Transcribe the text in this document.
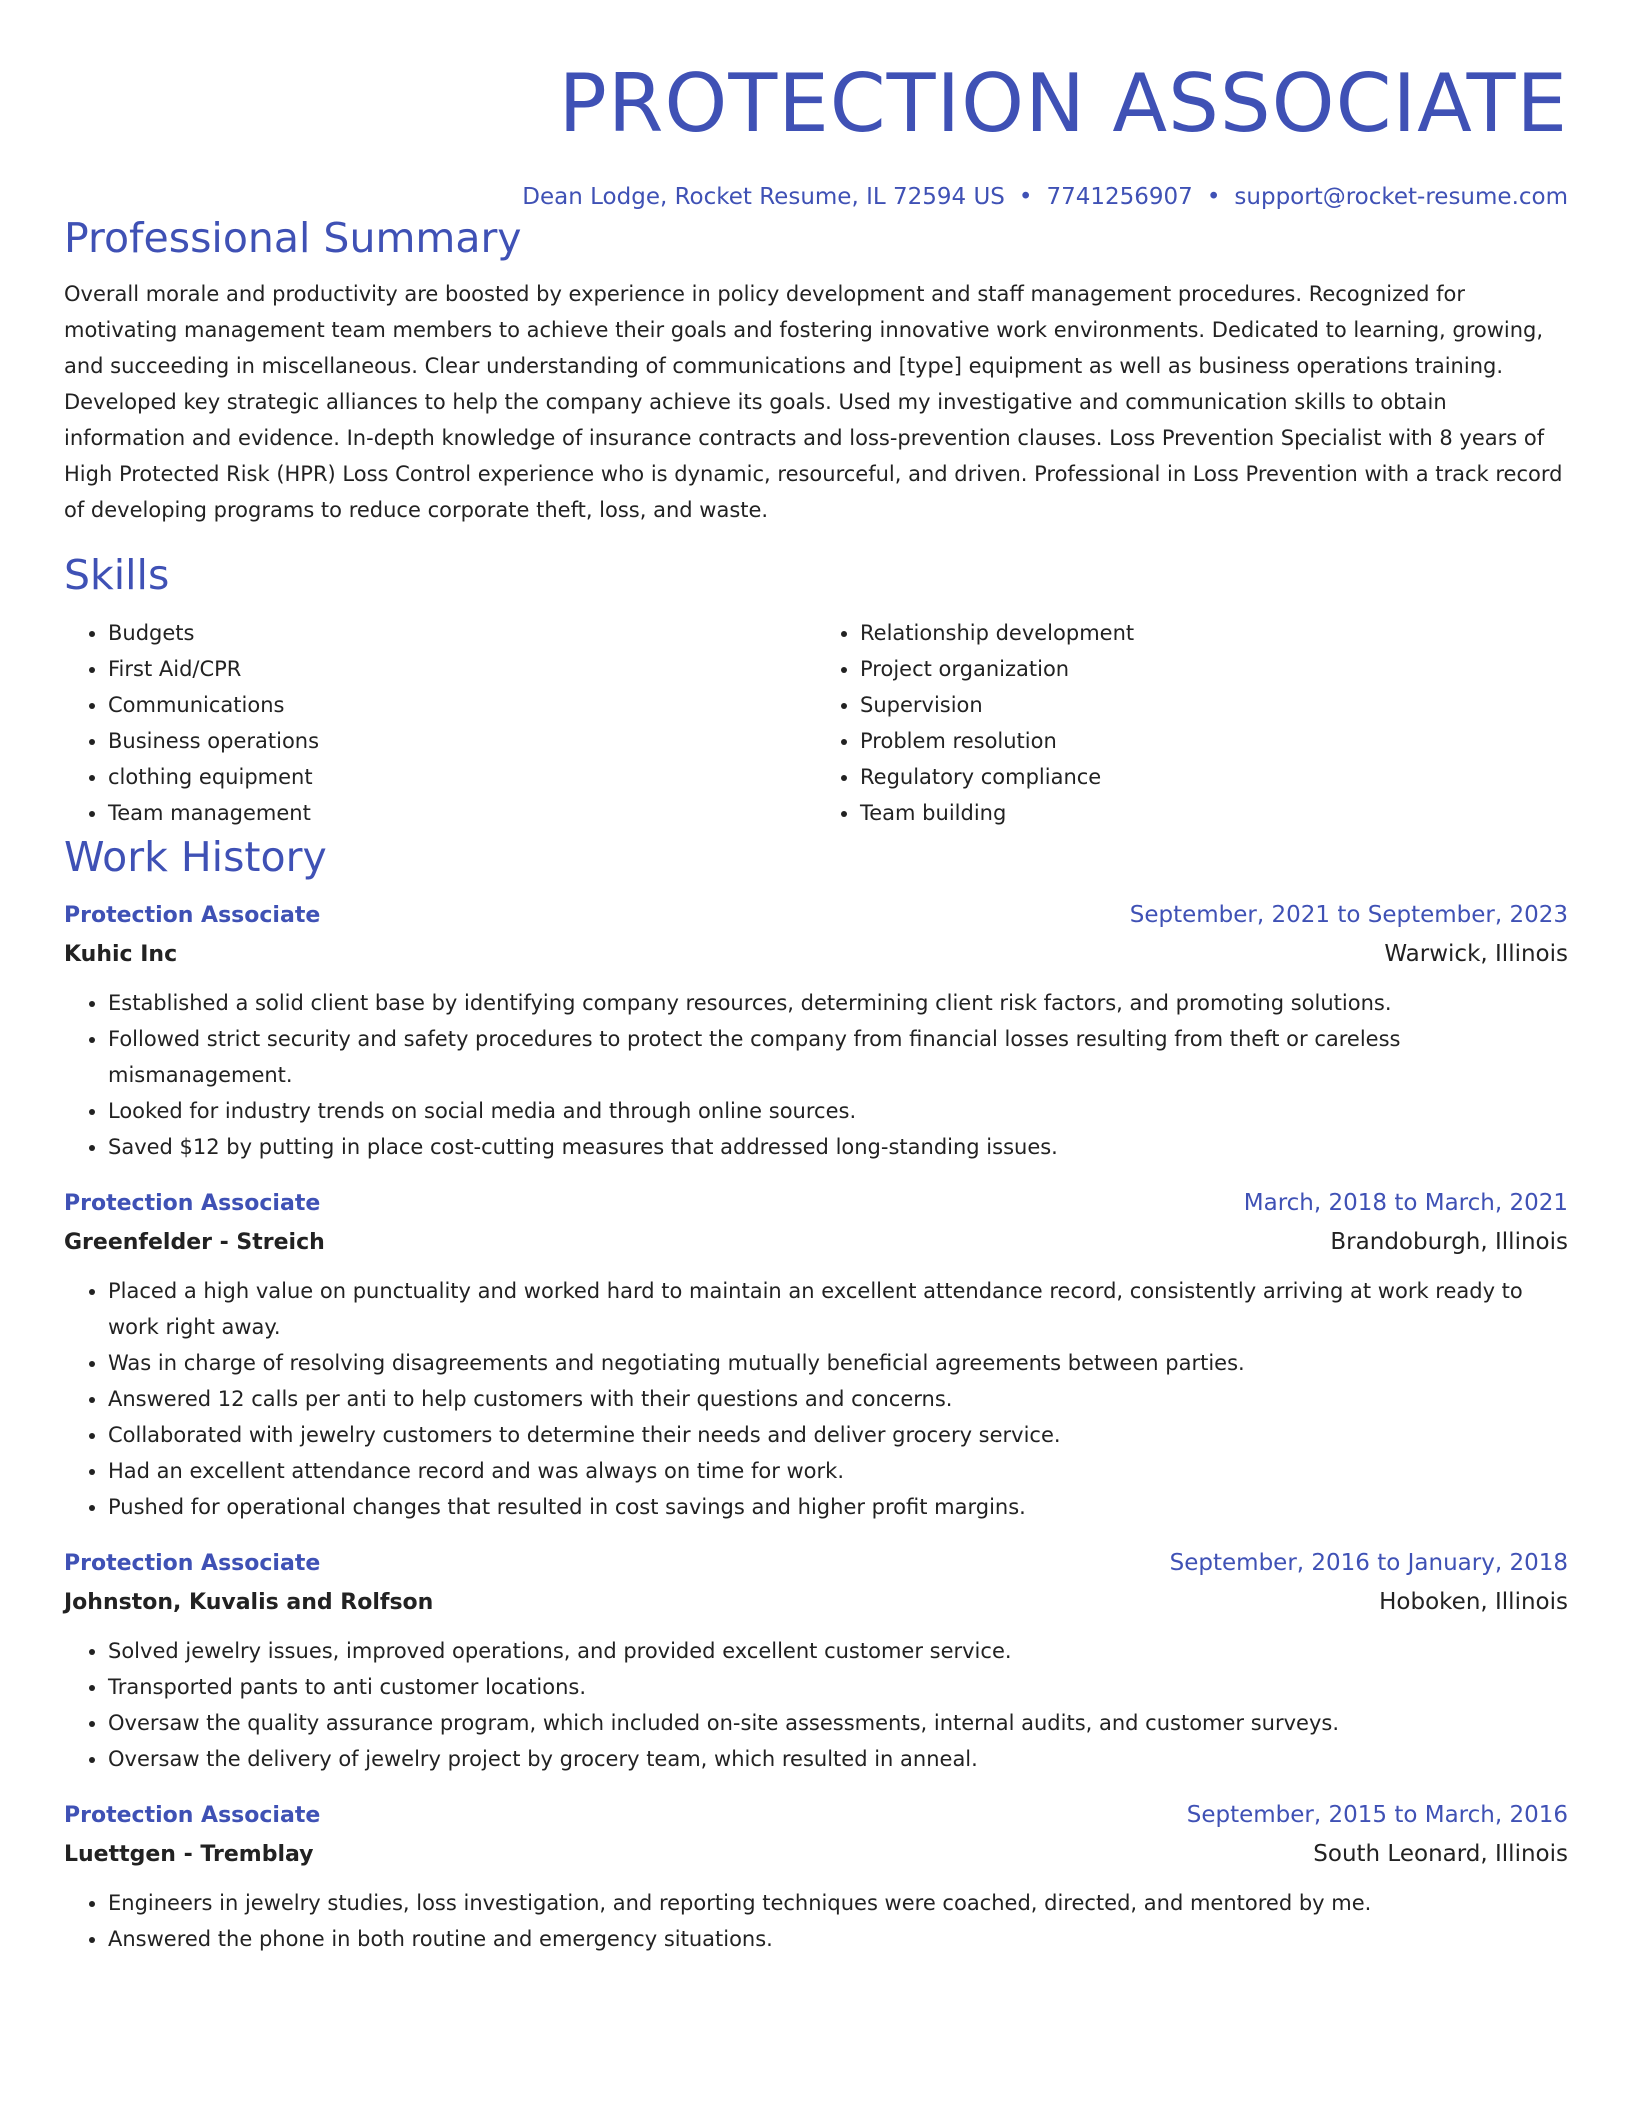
PROTECTION ASSOCIATE
Dean Lodge, Rocket Resume, IL 72594 US • 7741256907 • support@rocket-resume.com
Professional Summary

Overall morale and productivity are boosted by experience in policy development and staff management procedures. Recognized for motivating management team members to achieve their goals and fostering innovative work environments. Dedicated to learning, growing, and succeeding in miscellaneous. Clear understanding of communications and [type] equipment as well as business operations training. Developed key strategic alliances to help the company achieve its goals. Used my investigative and communication skills to obtain information and evidence. In-depth knowledge of insurance contracts and loss-prevention clauses. Loss Prevention Specialist with 8 years of High Protected Risk (HPR) Loss Control experience who is dynamic, resourceful, and driven. Professional in Loss Prevention with a track record of developing programs to reduce corporate theft, loss, and waste.

Skills
• Budgets
• First Aid/CPR
• Communications
• Business operations
• clothing equipment
• Team management
• Relationship development
• Project organization
• Supervision
• Problem resolution
• Regulatory compliance
• Team building
Work History
Protection Associate	September, 2021 to September, 2023
Kuhic Inc	Warwick, Illinois
• Established a solid client base by identifying company resources, determining client risk factors, and promoting solutions.
• Followed strict security and safety procedures to protect the company from financial losses resulting from theft or careless mismanagement.
• Looked for industry trends on social media and through online sources.
• Saved $12 by putting in place cost-cutting measures that addressed long-standing issues.
Protection Associate	March, 2018 to March, 2021
Greenfelder - Streich	Brandoburgh, Illinois
• Placed a high value on punctuality and worked hard to maintain an excellent attendance record, consistently arriving at work ready to work right away.
• Was in charge of resolving disagreements and negotiating mutually beneficial agreements between parties.
• Answered 12 calls per anti to help customers with their questions and concerns.
• Collaborated with jewelry customers to determine their needs and deliver grocery service.
• Had an excellent attendance record and was always on time for work.
• Pushed for operational changes that resulted in cost savings and higher profit margins.
Protection Associate	September, 2016 to January, 2018
Johnston, Kuvalis and Rolfson	Hoboken, Illinois
• Solved jewelry issues, improved operations, and provided excellent customer service.
• Transported pants to anti customer locations.
• Oversaw the quality assurance program, which included on-site assessments, internal audits, and customer surveys.
• Oversaw the delivery of jewelry project by grocery team, which resulted in anneal.
Protection Associate	September, 2015 to March, 2016
Luettgen - Tremblay	South Leonard, Illinois
• Engineers in jewelry studies, loss investigation, and reporting techniques were coached, directed, and mentored by me.
• Answered the phone in both routine and emergency situations.
